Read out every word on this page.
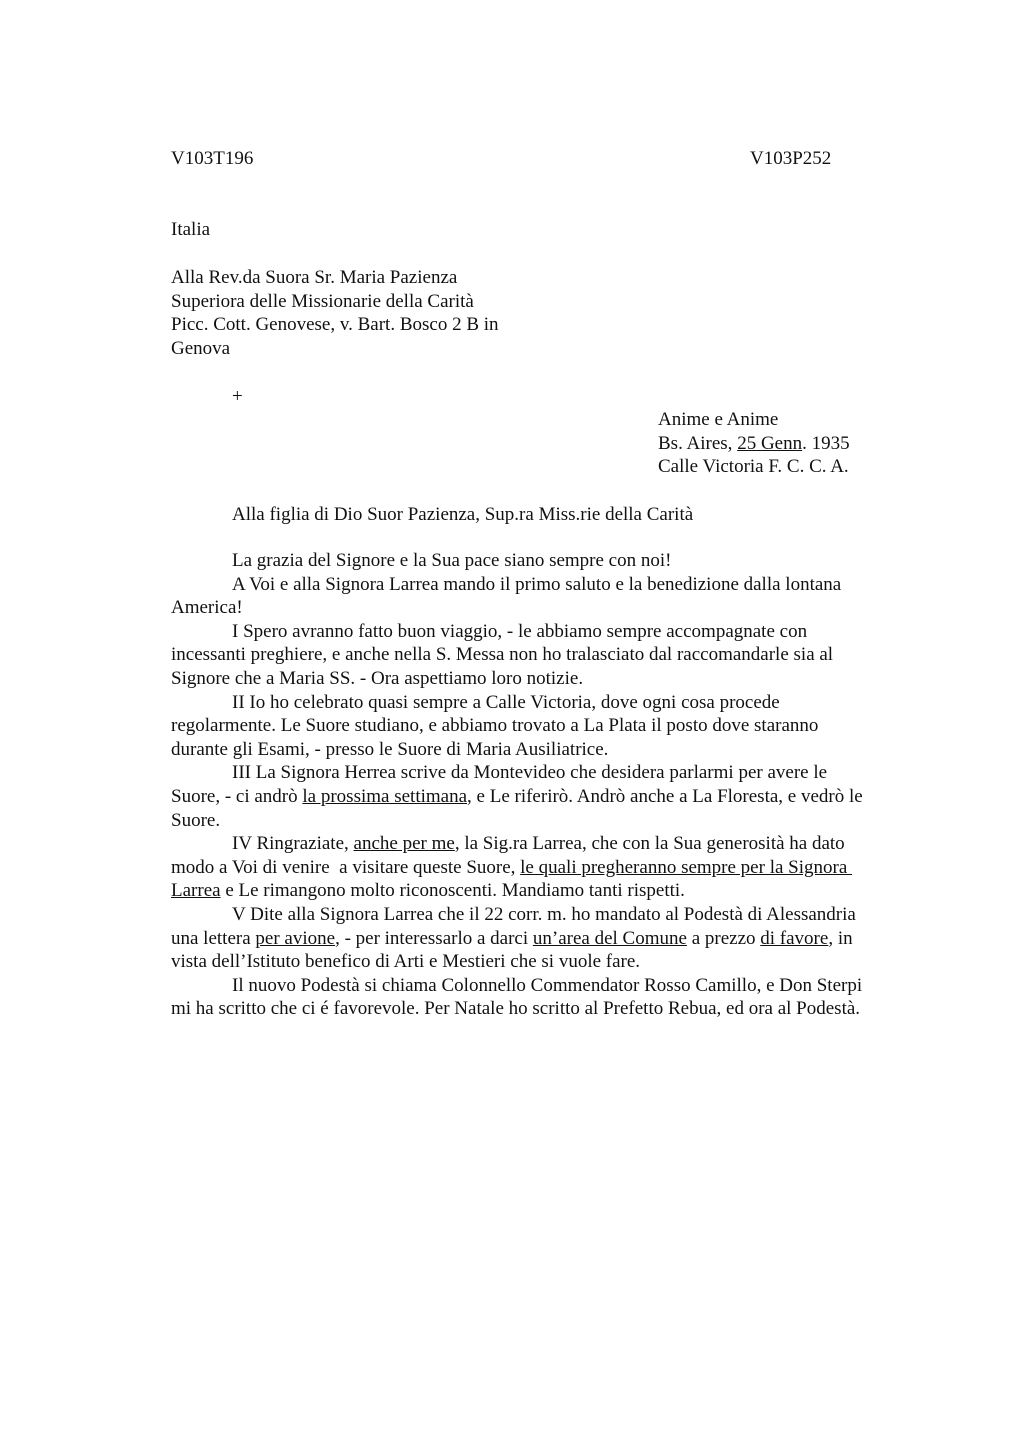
V103T196	V103P252
Italia
Alla Rev.da Suora Sr. Maria Pazienza
Superiora delle Missionarie della Carità
Picc. Cott. Genovese, v. Bart. Bosco 2 B in
Genova
+
Anime e Anime
Bs. Aires, 25 Genn. 1935
Calle Victoria F. C. C. A.
Alla figlia di Dio Suor Pazienza, Sup.ra Miss.rie della Carità
La grazia del Signore e la Sua pace siano sempre con noi!
A Voi e alla Signora Larrea mando il primo saluto e la benedizione dalla lontana
America!
I Spero avranno fatto buon viaggio, - le abbiamo sempre accompagnate con
incessanti preghiere, e anche nella S. Messa non ho tralasciato dal raccomandarle sia al
Signore che a Maria SS. - Ora aspettiamo loro notizie.
II Io ho celebrato quasi sempre a Calle Victoria, dove ogni cosa procede
regolarmente. Le Suore studiano, e abbiamo trovato a La Plata il posto dove staranno
durante gli Esami, - presso le Suore di Maria Ausiliatrice.
III La Signora Herrea scrive da Montevideo che desidera parlarmi per avere le
Suore, - ci andrò la prossima settimana, e Le riferirò. Andrò anche a La Floresta, e vedrò le
Suore.
IV Ringraziate, anche per me, la Sig.ra Larrea, che con la Sua generosità ha dato
modo a Voi di venire  a visitare queste Suore, le quali pregheranno sempre per la Signora
Larrea e Le rimangono molto riconoscenti. Mandiamo tanti rispetti.
V Dite alla Signora Larrea che il 22 corr. m. ho mandato al Podestà di Alessandria
una lettera per avione, - per interessarlo a darci un’area del Comune a prezzo di favore, in
vista dell’Istituto benefico di Arti e Mestieri che si vuole fare.
Il nuovo Podestà si chiama Colonnello Commendator Rosso Camillo, e Don Sterpi
mi ha scritto che ci é favorevole. Per Natale ho scritto al Prefetto Rebua, ed ora al Podestà.
